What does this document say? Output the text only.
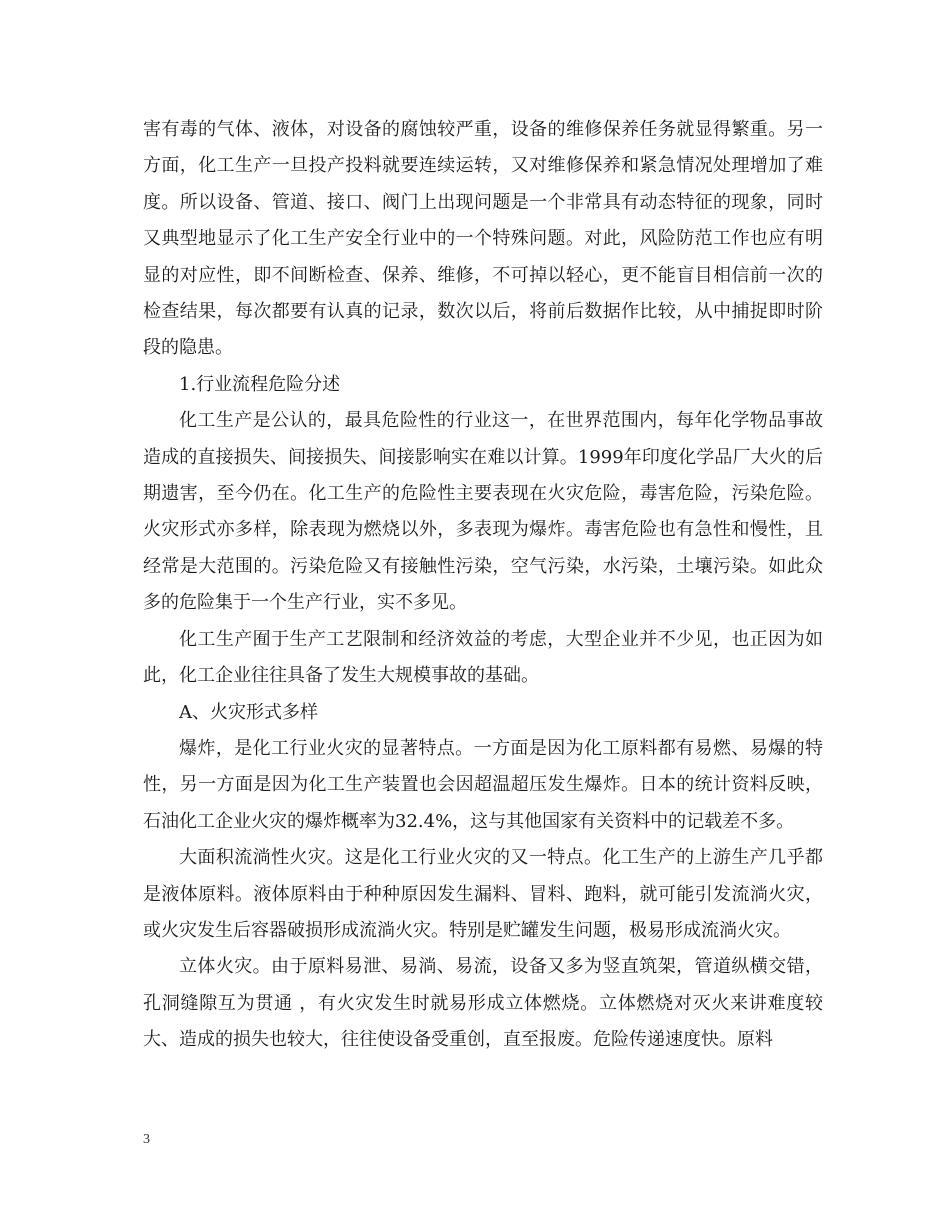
害有毒的气体、液体，对设备的腐蚀较严重，设备的维修保养任务就显得繁重。另一方面，化工生产一旦投产投料就要连续运转，又对维修保养和紧急情况处理增加了难度。所以设备、管道、接口、阀门上出现问题是一个非常具有动态特征的现象，同时又典型地显示了化工生产安全行业中的一个特殊问题。对此，风险防范工作也应有明显的对应性，即不间断检查、保养、维修，不可掉以轻心，更不能盲目相信前一次的检查结果，每次都要有认真的记录，数次以后，将前后数据作比较，从中捕捉即时阶段的隐患。

1.行业流程危险分述

化工生产是公认的，最具危险性的行业这一，在世界范围内，每年化学物品事故造成的直接损失、间接损失、间接影响实在难以计算。1999年印度化学品厂大火的后期遗害，至今仍在。化工生产的危险性主要表现在火灾危险，毒害危险，污染危险。火灾形式亦多样，除表现为燃烧以外，多表现为爆炸。毒害危险也有急性和慢性，且经常是大范围的。污染危险又有接触性污染，空气污染，水污染，土壤污染。如此众多的危险集于一个生产行业，实不多见。

化工生产囿于生产工艺限制和经济效益的考虑，大型企业并不少见，也正因为如此，化工企业往往具备了发生大规模事故的基础。

A、火灾形式多样

爆炸，是化工行业火灾的显著特点。一方面是因为化工原料都有易燃、易爆的特性，另一方面是因为化工生产装置也会因超温超压发生爆炸。日本的统计资料反映，石油化工企业火灾的爆炸概率为32.4%，这与其他国家有关资料中的记载差不多。

大面积流淌性火灾。这是化工行业火灾的又一特点。化工生产的上游生产几乎都是液体原料。液体原料由于种种原因发生漏料、冒料、跑料，就可能引发流淌火灾，或火灾发生后容器破损形成流淌火灾。特别是贮罐发生问题，极易形成流淌火灾。

立体火灾。由于原料易泄、易淌、易流，设备又多为竖直筑架，管道纵横交错，孔洞缝隙互为贯通 ，有火灾发生时就易形成立体燃烧。立体燃烧对灭火来讲难度较大、造成的损失也较大，往往使设备受重创，直至报废。危险传递速度快。原料

3
